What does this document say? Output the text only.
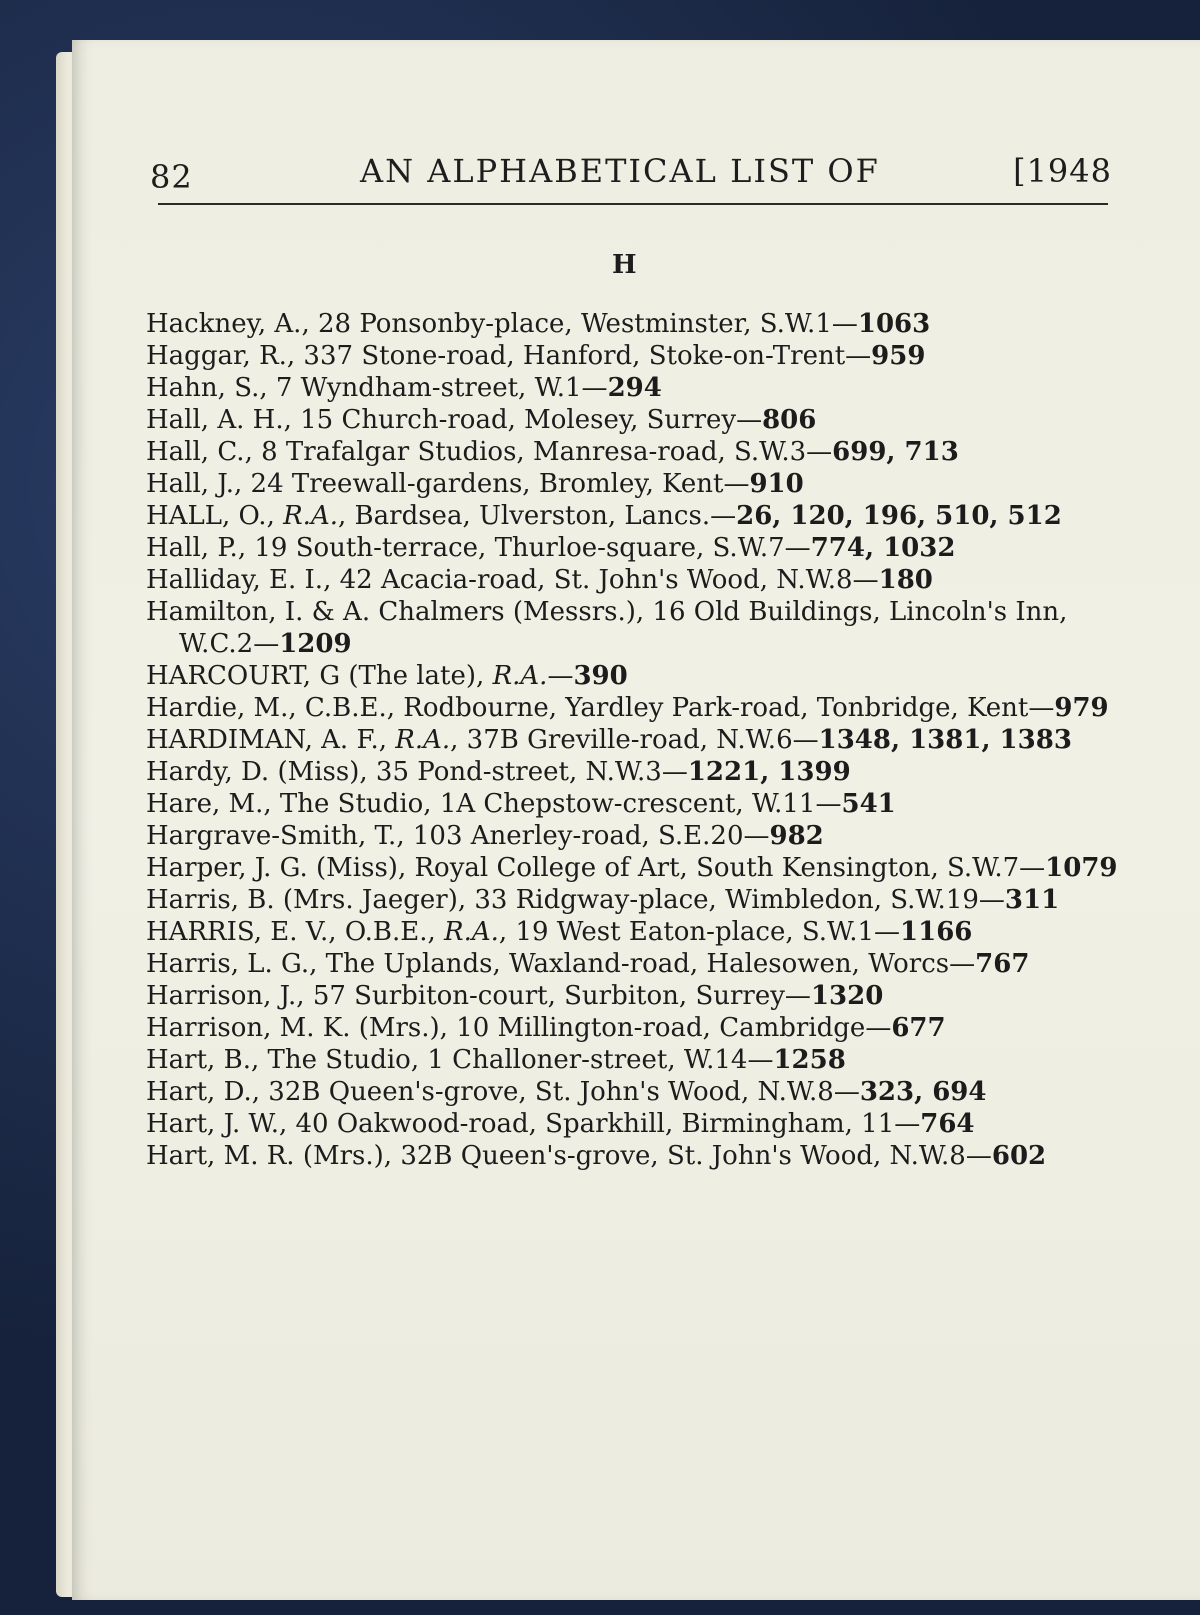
82	AN ALPHABETICAL LIST OF	[1948
H
Hackney, A., 28 Ponsonby-place, Westminster, S.W.1—1063
Haggar, R., 337 Stone-road, Hanford, Stoke-on-Trent—959
Hahn, S., 7 Wyndham-street, W.1—294
Hall, A. H., 15 Church-road, Molesey, Surrey—806
Hall, C., 8 Trafalgar Studios, Manresa-road, S.W.3—699, 713
Hall, J., 24 Treewall-gardens, Bromley, Kent—910
HALL, O., R.A., Bardsea, Ulverston, Lancs.—26, 120, 196, 510, 512
Hall, P., 19 South-terrace, Thurloe-square, S.W.7—774, 1032
Halliday, E. I., 42 Acacia-road, St. John's Wood, N.W.8—180
Hamilton, I. & A. Chalmers (Messrs.), 16 Old Buildings, Lincoln's Inn, W.C.2—1209
HARCOURT, G (The late), R.A.—390
Hardie, M., C.B.E., Rodbourne, Yardley Park-road, Tonbridge, Kent—979
HARDIMAN, A. F., R.A., 37B Greville-road, N.W.6—1348, 1381, 1383
Hardy, D. (Miss), 35 Pond-street, N.W.3—1221, 1399
Hare, M., The Studio, 1A Chepstow-crescent, W.11—541
Hargrave-Smith, T., 103 Anerley-road, S.E.20—982
Harper, J. G. (Miss), Royal College of Art, South Kensington, S.W.7—1079
Harris, B. (Mrs. Jaeger), 33 Ridgway-place, Wimbledon, S.W.19—311
HARRIS, E. V., O.B.E., R.A., 19 West Eaton-place, S.W.1—1166
Harris, L. G., The Uplands, Waxland-road, Halesowen, Worcs—767
Harrison, J., 57 Surbiton-court, Surbiton, Surrey—1320
Harrison, M. K. (Mrs.), 10 Millington-road, Cambridge—677
Hart, B., The Studio, 1 Challoner-street, W.14—1258
Hart, D., 32B Queen's-grove, St. John's Wood, N.W.8—323, 694
Hart, J. W., 40 Oakwood-road, Sparkhill, Birmingham, 11—764
Hart, M. R. (Mrs.), 32B Queen's-grove, St. John's Wood, N.W.8—602
